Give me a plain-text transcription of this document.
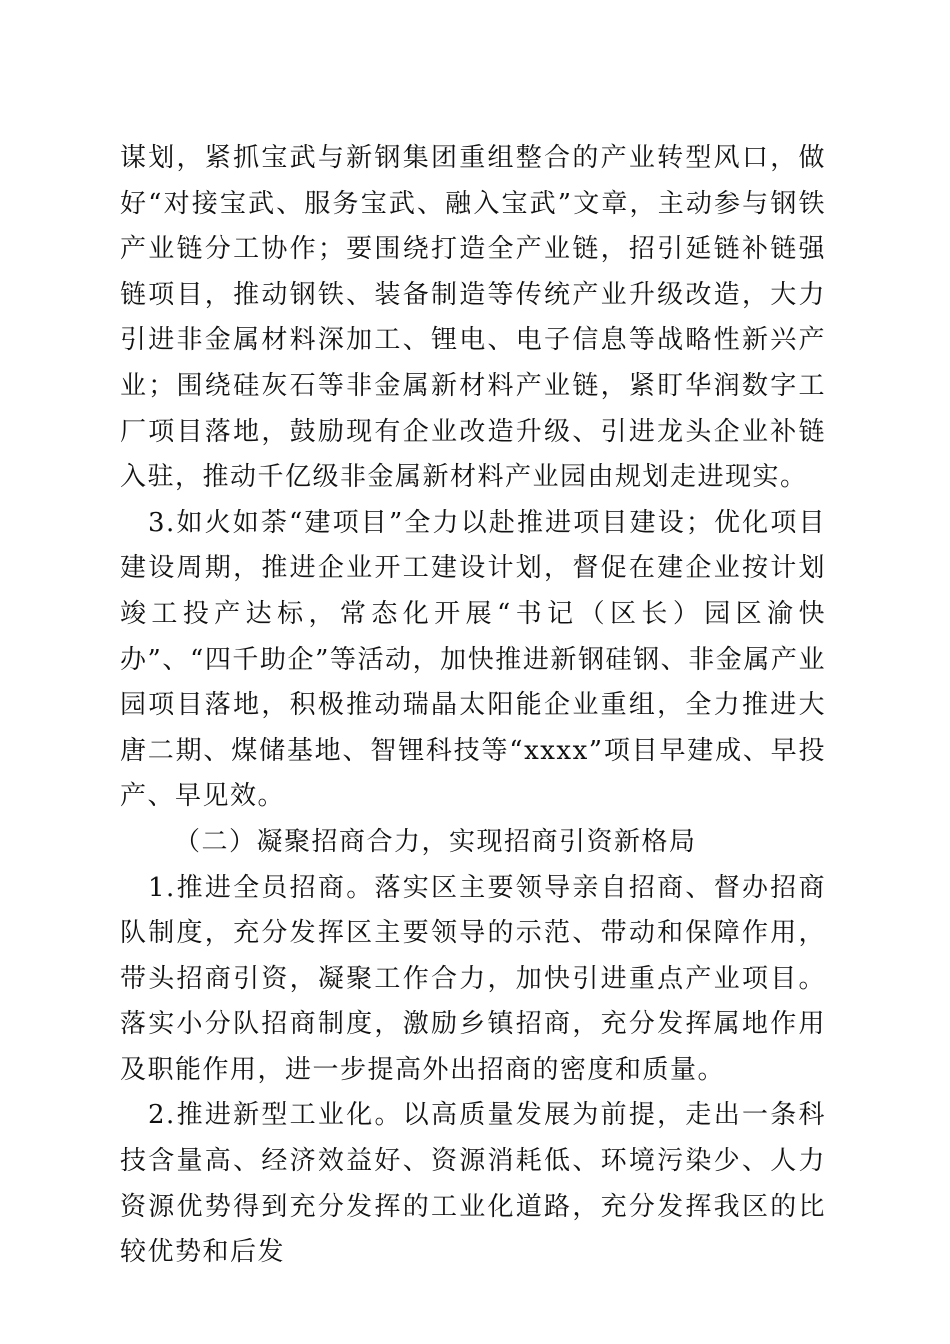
谋划，紧抓宝武与新钢集团重组整合的产业转型风口，做好“对接宝武、服务宝武、融入宝武”文章，主动参与钢铁产业链分工协作；要围绕打造全产业链，招引延链补链强链项目，推动钢铁、装备制造等传统产业升级改造，大力引进非金属材料深加工、锂电、电子信息等战略性新兴产业；围绕硅灰石等非金属新材料产业链，紧盯华润数字工厂项目落地，鼓励现有企业改造升级、引进龙头企业补链入驻，推动千亿级非金属新材料产业园由规划走进现实。

3.如火如荼“建项目”全力以赴推进项目建设；优化项目建设周期，推进企业开工建设计划，督促在建企业按计划竣工投产达标，常态化开展“书记（区长）园区渝快办”、“四千助企”等活动，加快推进新钢硅钢、非金属产业园项目落地，积极推动瑞晶太阳能企业重组，全力推进大唐二期、煤储基地、智锂科技等“xxxx”项目早建成、早投产、早见效。

（二）凝聚招商合力，实现招商引资新格局

1.推进全员招商。落实区主要领导亲自招商、督办招商队制度，充分发挥区主要领导的示范、带动和保障作用，带头招商引资，凝聚工作合力，加快引进重点产业项目。落实小分队招商制度，激励乡镇招商，充分发挥属地作用及职能作用，进一步提高外出招商的密度和质量。

2.推进新型工业化。以高质量发展为前提，走出一条科技含量高、经济效益好、资源消耗低、环境污染少、人力资源优势得到充分发挥的工业化道路，充分发挥我区的比较优势和后发
